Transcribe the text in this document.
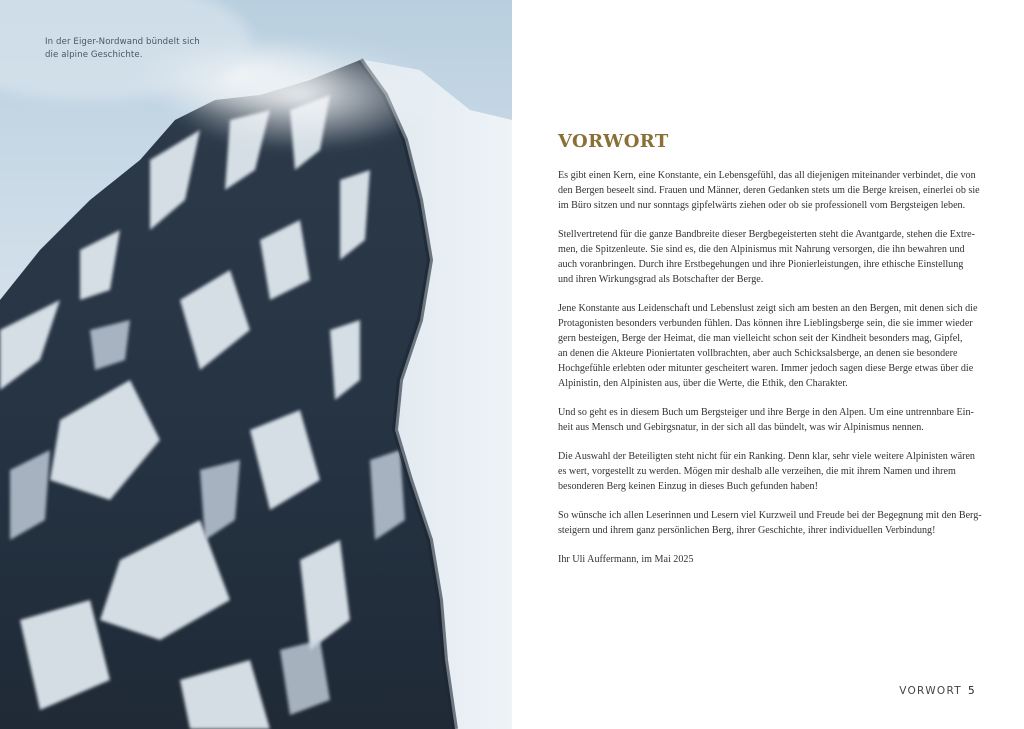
In der Eiger-Nordwand bündelt sich
die alpine Geschichte.
VORWORT

Es gibt einen Kern, eine Konstante, ein Lebensgefühl, das all diejenigen miteinander verbindet, die von
den Bergen beseelt sind. Frauen und Männer, deren Gedanken stets um die Berge kreisen, einerlei ob sie
im Büro sitzen und nur sonntags gipfelwärts ziehen oder ob sie professionell vom Bergsteigen leben.

Stellvertretend für die ganze Bandbreite dieser Bergbegeisterten steht die Avantgarde, stehen die Extre-
men, die Spitzenleute. Sie sind es, die den Alpinismus mit Nahrung versorgen, die ihn bewahren und
auch voranbringen. Durch ihre Erstbegehungen und ihre Pionierleistungen, ihre ethische Einstellung
und ihren Wirkungsgrad als Botschafter der Berge.

Jene Konstante aus Leidenschaft und Lebenslust zeigt sich am besten an den Bergen, mit denen sich die
Protagonisten besonders verbunden fühlen. Das können ihre Lieblingsberge sein, die sie immer wieder
gern besteigen, Berge der Heimat, die man vielleicht schon seit der Kindheit besonders mag, Gipfel,
an denen die Akteure Pioniertaten vollbrachten, aber auch Schicksalsberge, an denen sie besondere
Hochgefühle erlebten oder mitunter gescheitert waren. Immer jedoch sagen diese Berge etwas über die
Alpinistin, den Alpinisten aus, über die Werte, die Ethik, den Charakter.

Und so geht es in diesem Buch um Bergsteiger und ihre Berge in den Alpen. Um eine untrennbare Ein-
heit aus Mensch und Gebirgsnatur, in der sich all das bündelt, was wir Alpinismus nennen.

Die Auswahl der Beteiligten steht nicht für ein Ranking. Denn klar, sehr viele weitere Alpinisten wären
es wert, vorgestellt zu werden. Mögen mir deshalb alle verzeihen, die mit ihrem Namen und ihrem
besonderen Berg keinen Einzug in dieses Buch gefunden haben!

So wünsche ich allen Leserinnen und Lesern viel Kurzweil und Freude bei der Begegnung mit den Berg-
steigern und ihrem ganz persönlichen Berg, ihrer Geschichte, ihrer individuellen Verbindung!

Ihr Uli Auffermann, im Mai 2025

VORWORT 5
